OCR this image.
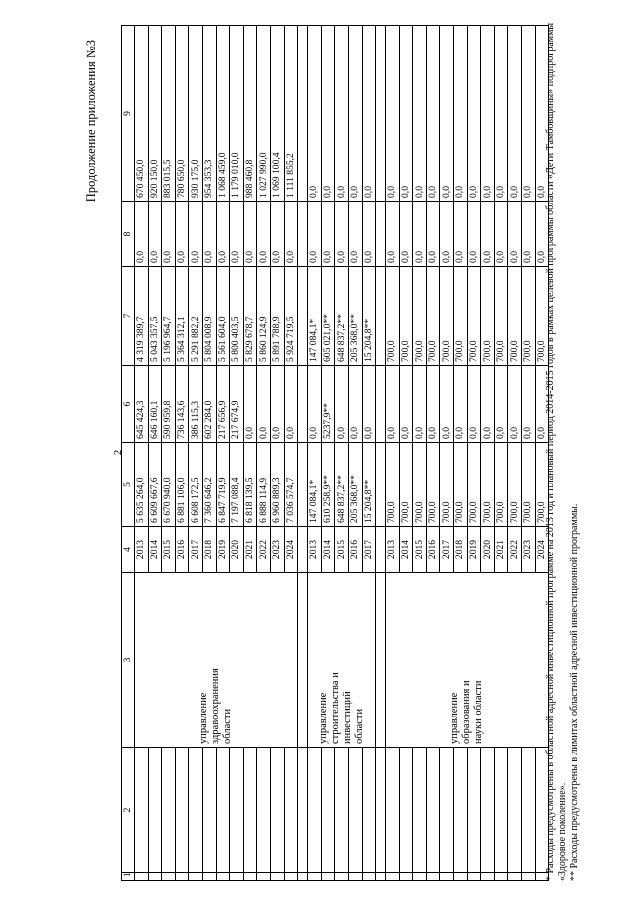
2
Продолжение приложения №3
1	2	3	4	5	6	7	8	9

		управление здравоохранения области	2013	5 635 264,0	645 424,3	4 319 389,7	0,0	670 450,0
			2014	6 609 667,6	646 160,1	5 043 357,5	0,0	920 150,0
			2015	6 670 940,0	590 959,8	5 196 964,7	0,0	883 015,5
			2016	6 881 106,0	736 143,6	5 364 312,1	0,0	780 650,0
			2017	6 608 172,5	386 115,3	5 291 882,2	0,0	930 175,0
			2018	7 360 646,2	602 284,0	5 804 008,9	0,0	954 353,3
			2019	6 847 719,9	217 656,9	5 561 604,0	0,0	1 068 459,0
			2020	7 197 088,4	217 674,9	5 800 403,5	0,0	1 179 010,0
			2021	6 818 139,5	0,0	5 829 678,7	0,0	988 460,8
			2022	6 888 114,9	0,0	5 860 124,9	0,0	1 027 990,0
			2023	6 960 889,3	0,0	5 891 788,9	0,0	1 069 100,4
			2024	7 036 574,7	0,0	5 924 719,5	0,0	1 111 855,2

		управление строительства и инвестиций области	2013	147 084,1*	0,0	147 084,1*	0,0	0,0
			2014	610 258,9**	5237,9**	605 021,0**	0,0	0,0
			2015	648 837,2**	0,0	648 837,2**	0,0	0,0
			2016	205 368,0**	0,0	205 368,0**	0,0	0,0
			2017	15 204,8**	0,0	15 204,8**	0,0	0,0

		управление образования и науки области	2013	700,0	0,0	700,0	0,0	0,0
			2014	700,0	0,0	700,0	0,0	0,0
			2015	700,0	0,0	700,0	0,0	0,0
			2016	700,0	0,0	700,0	0,0	0,0
			2017	700,0	0,0	700,0	0,0	0,0
			2018	700,0	0,0	700,0	0,0	0,0
			2019	700,0	0,0	700,0	0,0	0,0
			2020	700,0	0,0	700,0	0,0	0,0
			2021	700,0	0,0	700,0	0,0	0,0
			2022	700,0	0,0	700,0	0,0	0,0
			2023	700,0	0,0	700,0	0,0	0,0
			2024	700,0	0,0	700,0	0,0	0,0
* Расходы предусмотрены в областной адресной инвестиционной программе на 2013 год и плановый период 2014-2015 годов в рамках целевой программы области «Дети Тамбовщины» подпрограммы «Здоровое поколение». ** Расходы предусмотрены в лимитах областной адресной инвестиционной программы.
